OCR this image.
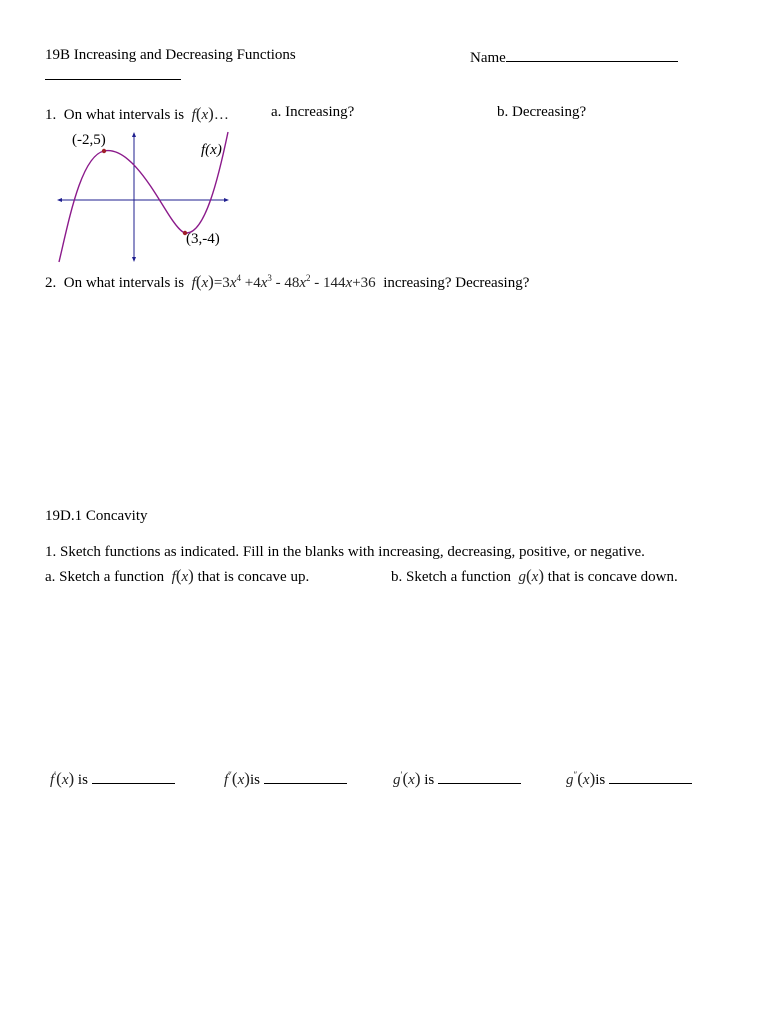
19B Increasing and Decreasing Functions	Name
1. On what intervals is f(x)…	a. Increasing?	b. Decreasing?
(-2,5)
f(x)
(3,-4)
2. On what intervals is $f(x)=3x^4 +4x^3 - 48x^2 - 144x+36$ increasing? Decreasing?
19D.1 Concavity
1. Sketch functions as indicated. Fill in the blanks with increasing, decreasing, positive, or negative.
a. Sketch a function f(x) that is concave up.	b. Sketch a function g(x) that is concave down.
f′(x) is	f″(x)is	g′(x) is	g″(x)is
